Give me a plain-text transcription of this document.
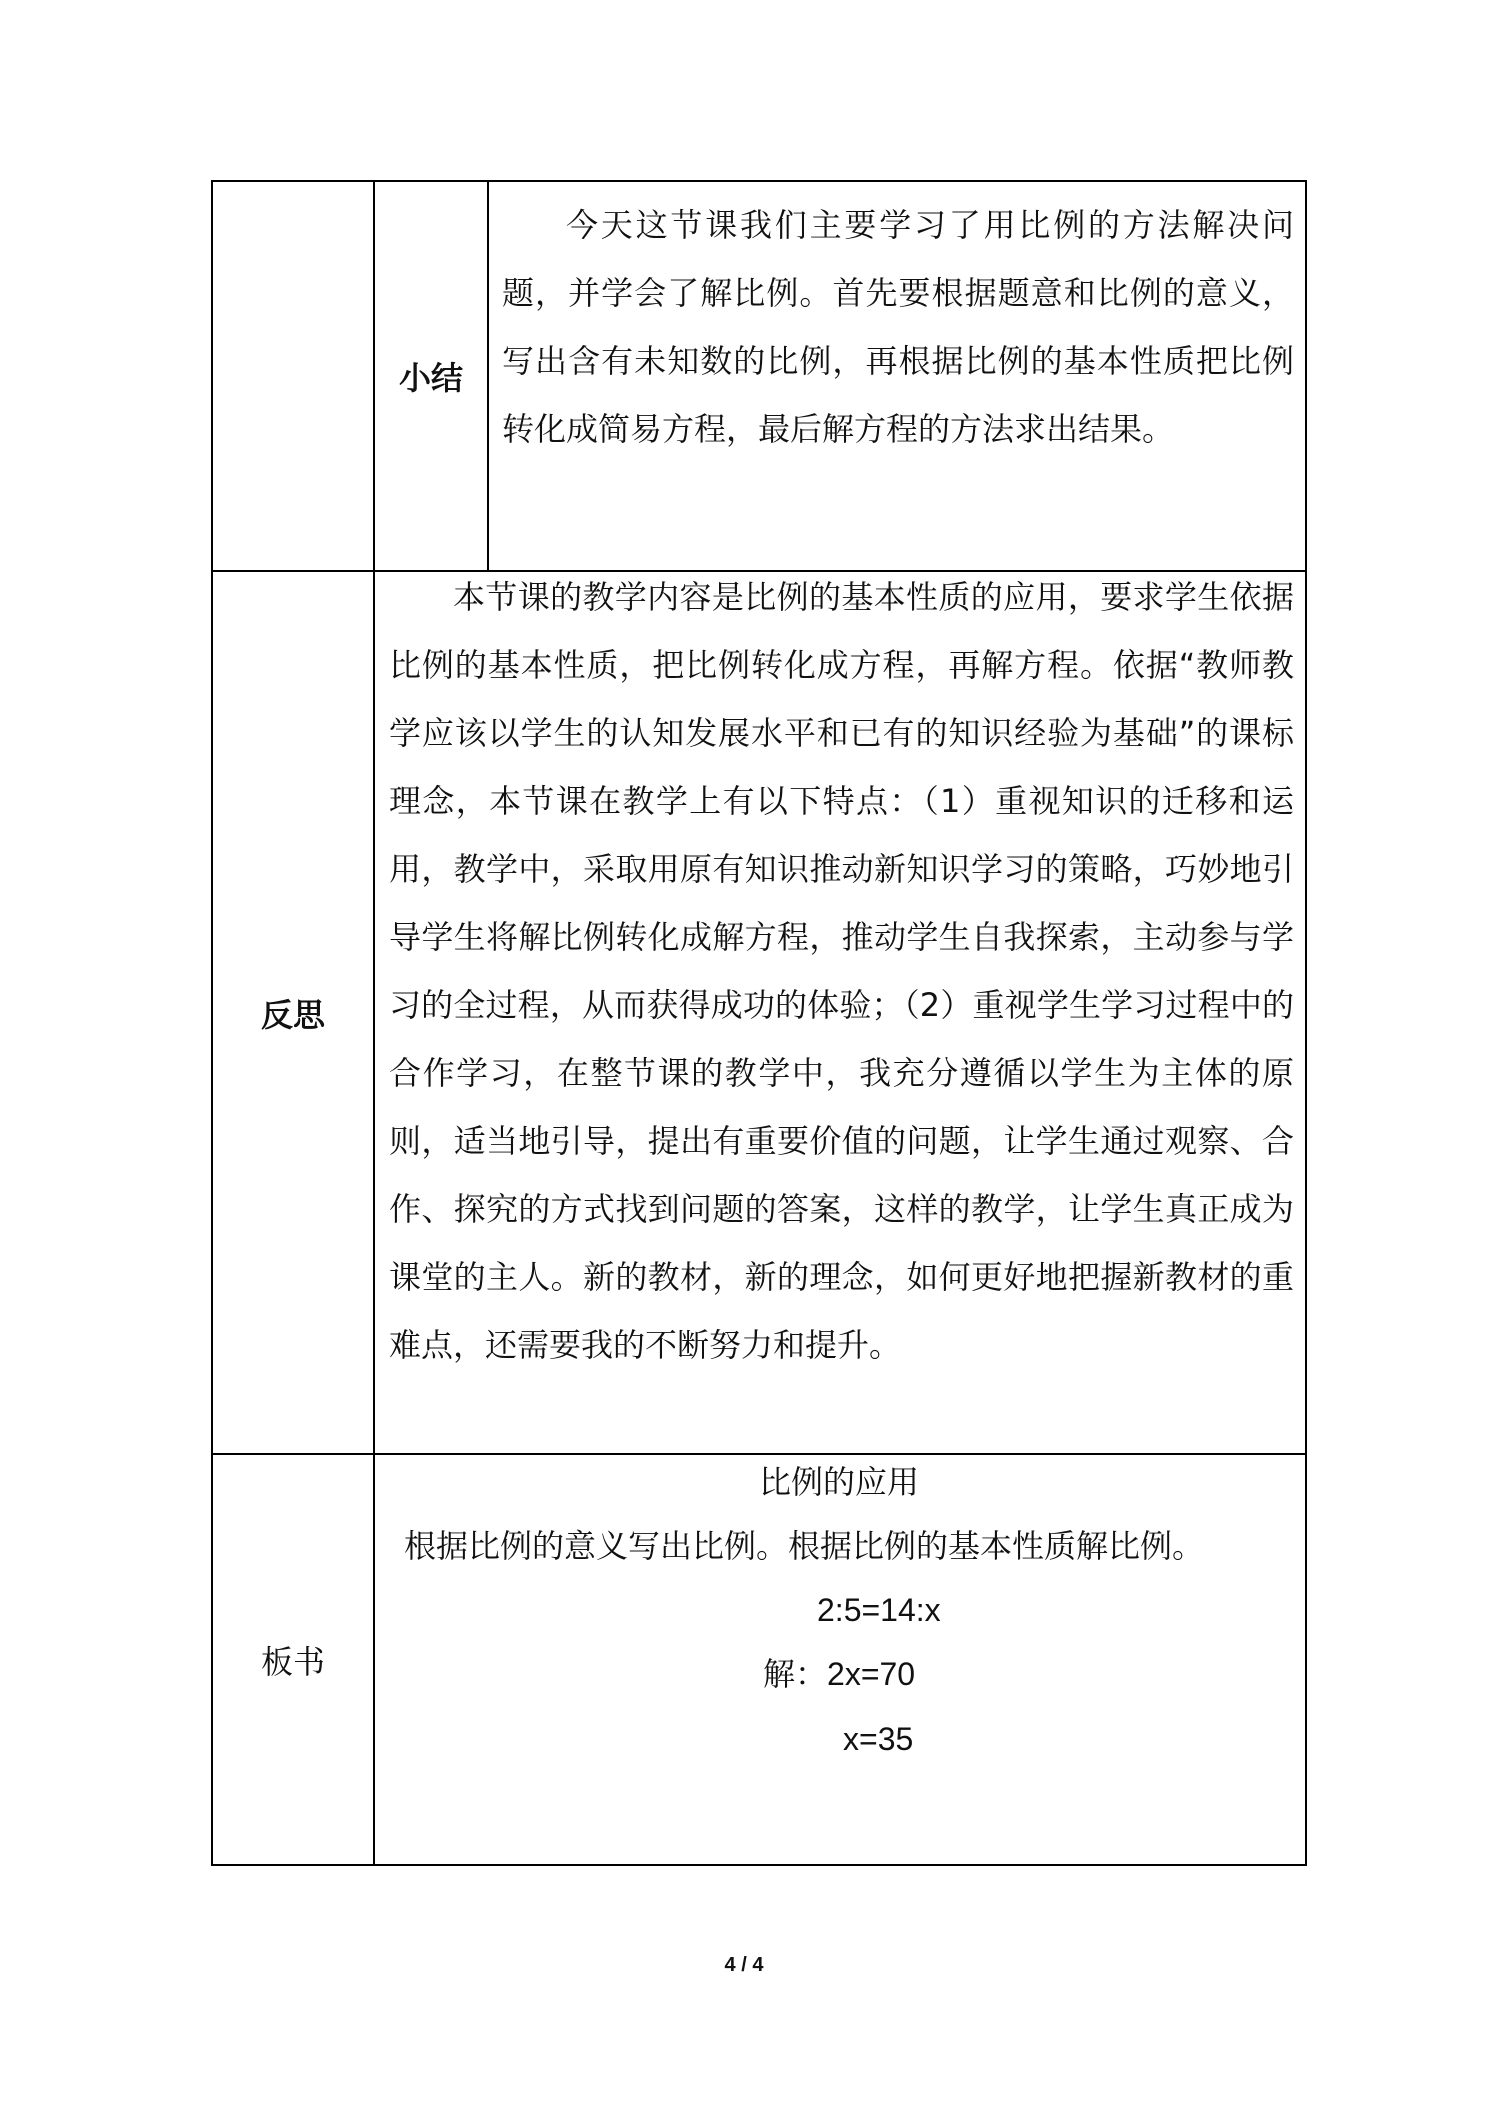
小结
今天这节课我们主要学习了用比例的方法解决问题，并学会了解比例。首先要根据题意和比例的意义，写出含有未知数的比例，再根据比例的基本性质把比例转化成简易方程，最后解方程的方法求出结果。
反思
本节课的教学内容是比例的基本性质的应用，要求学生依据比例的基本性质，把比例转化成方程，再解方程。依据“教师教学应该以学生的认知发展水平和已有的知识经验为基础”的课标理念，本节课在教学上有以下特点：（1）重视知识的迁移和运用，教学中，采取用原有知识推动新知识学习的策略，巧妙地引导学生将解比例转化成解方程，推动学生自我探索，主动参与学习的全过程，从而获得成功的体验；（2）重视学生学习过程中的合作学习，在整节课的教学中，我充分遵循以学生为主体的原则，适当地引导，提出有重要价值的问题，让学生通过观察、合作、探究的方式找到问题的答案，这样的教学，让学生真正成为课堂的主人。新的教材，新的理念，如何更好地把握新教材的重难点，还需要我的不断努力和提升。
板书
比例的应用
根据比例的意义写出比例。根据比例的基本性质解比例。
2:5=14:x
解：2x=70
x=35
4 / 4
